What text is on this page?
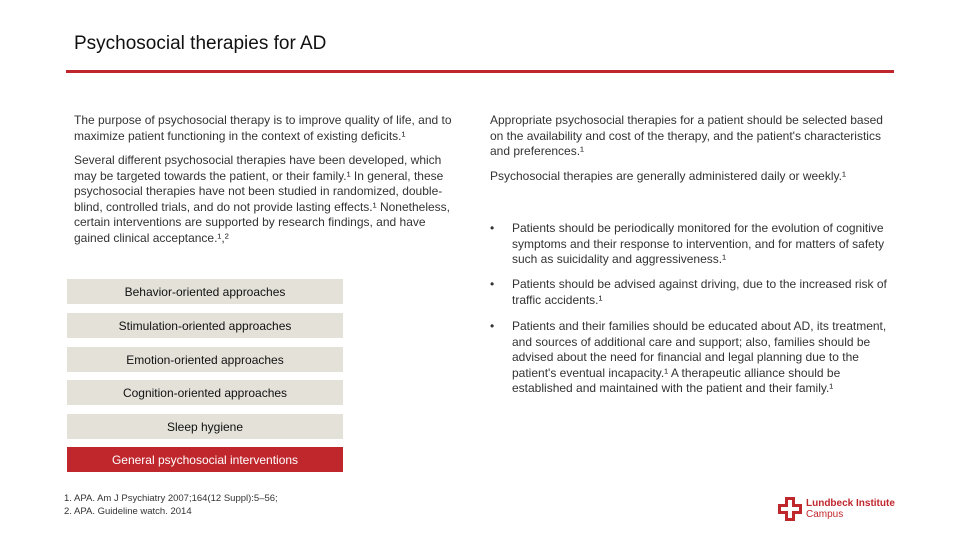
Psychosocial therapies for AD

The purpose of psychosocial therapy is to improve quality of life, and to maximize patient functioning in the context of existing deficits.¹

Several different psychosocial therapies have been developed, which may be targeted towards the patient, or their family.¹ In general, these psychosocial therapies have not been studied in randomized, double-blind, controlled trials, and do not provide lasting effects.¹ Nonetheless, certain interventions are supported by research findings, and have gained clinical acceptance.¹,²

Behavior-oriented approaches
Stimulation-oriented approaches
Emotion-oriented approaches
Cognition-oriented approaches
Sleep hygiene
General psychosocial interventions

Appropriate psychosocial therapies for a patient should be selected based on the availability and cost of the therapy, and the patient's characteristics and preferences.¹

Psychosocial therapies are generally administered daily or weekly.¹

•	Patients should be periodically monitored for the evolution of cognitive symptoms and their response to intervention, and for matters of safety such as suicidality and aggressiveness.¹
•	Patients should be advised against driving, due to the increased risk of traffic accidents.¹
•	Patients and their families should be educated about AD, its treatment, and sources of additional care and support; also, families should be advised about the need for financial and legal planning due to the patient's eventual incapacity.¹ A therapeutic alliance should be established and maintained with the patient and their family.¹
1. APA. Am J Psychiatry 2007;164(12 Suppl):5–56;
2. APA. Guideline watch. 2014
Lundbeck Institute
Campus
